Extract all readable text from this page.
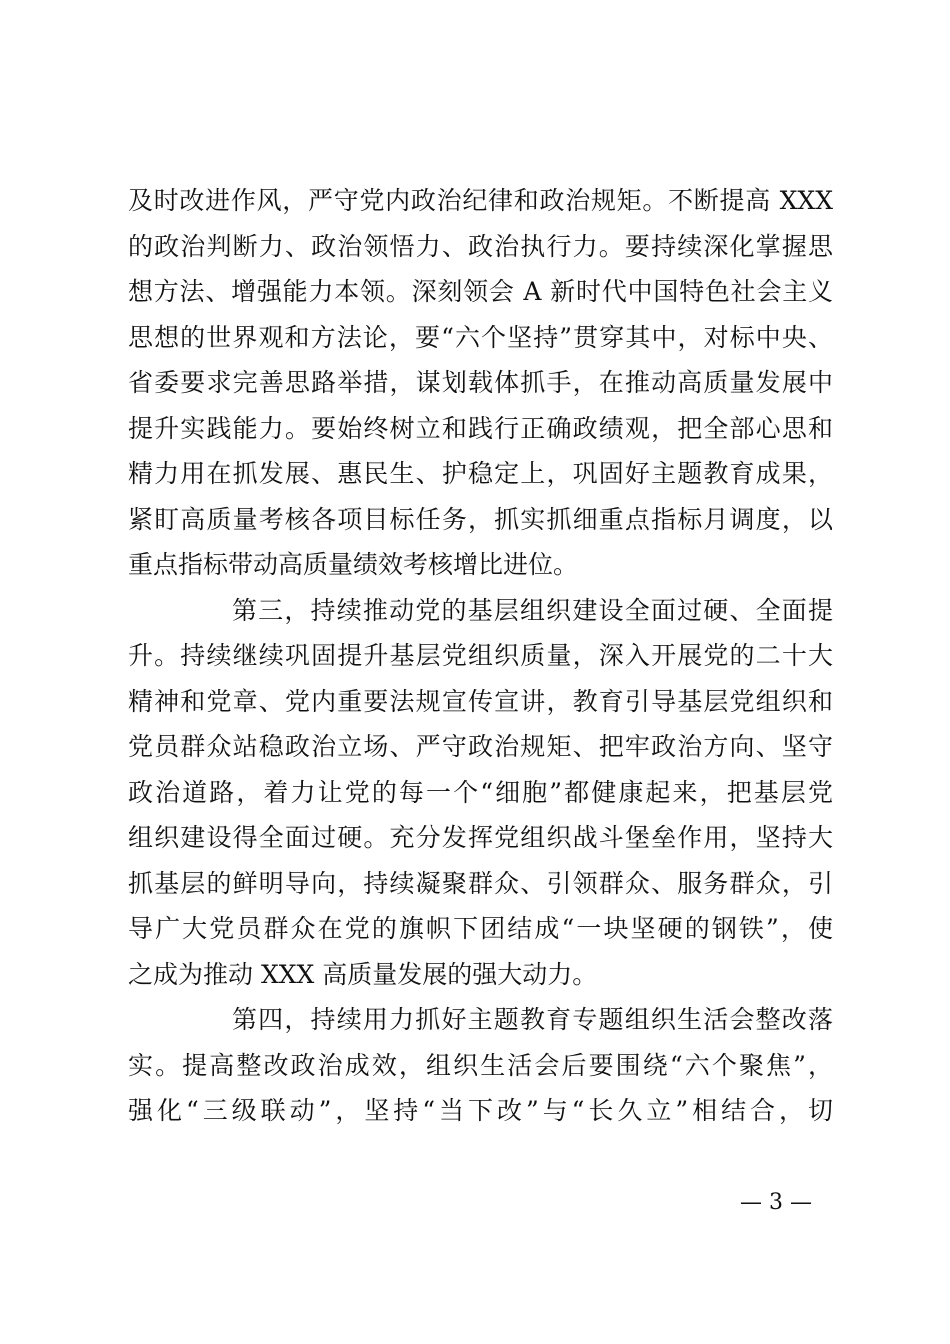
及时改进作风，严守党内政治纪律和政治规矩。不断提高 XXX
的政治判断力、政治领悟力、政治执行力。要持续深化掌握思
想方法、增强能力本领。深刻领会 A 新时代中国特色社会主义
思想的世界观和方法论，要“六个坚持”贯穿其中，对标中央、
省委要求完善思路举措，谋划载体抓手，在推动高质量发展中
提升实践能力。要始终树立和践行正确政绩观，把全部心思和
精力用在抓发展、惠民生、护稳定上，巩固好主题教育成果，
紧盯高质量考核各项目标任务，抓实抓细重点指标月调度，以
重点指标带动高质量绩效考核增比进位。
第三，持续推动党的基层组织建设全面过硬、全面提
升。持续继续巩固提升基层党组织质量，深入开展党的二十大
精神和党章、党内重要法规宣传宣讲，教育引导基层党组织和
党员群众站稳政治立场、严守政治规矩、把牢政治方向、坚守
政治道路，着力让党的每一个“细胞”都健康起来，把基层党
组织建设得全面过硬。充分发挥党组织战斗堡垒作用，坚持大
抓基层的鲜明导向，持续凝聚群众、引领群众、服务群众，引
导广大党员群众在党的旗帜下团结成“一块坚硬的钢铁”，使
之成为推动 XXX 高质量发展的强大动力。
第四，持续用力抓好主题教育专题组织生活会整改落
实。提高整改政治成效，组织生活会后要围绕“六个聚焦”，
强化“三级联动”，坚持“当下改”与“长久立”相结合，切
— 3 —
